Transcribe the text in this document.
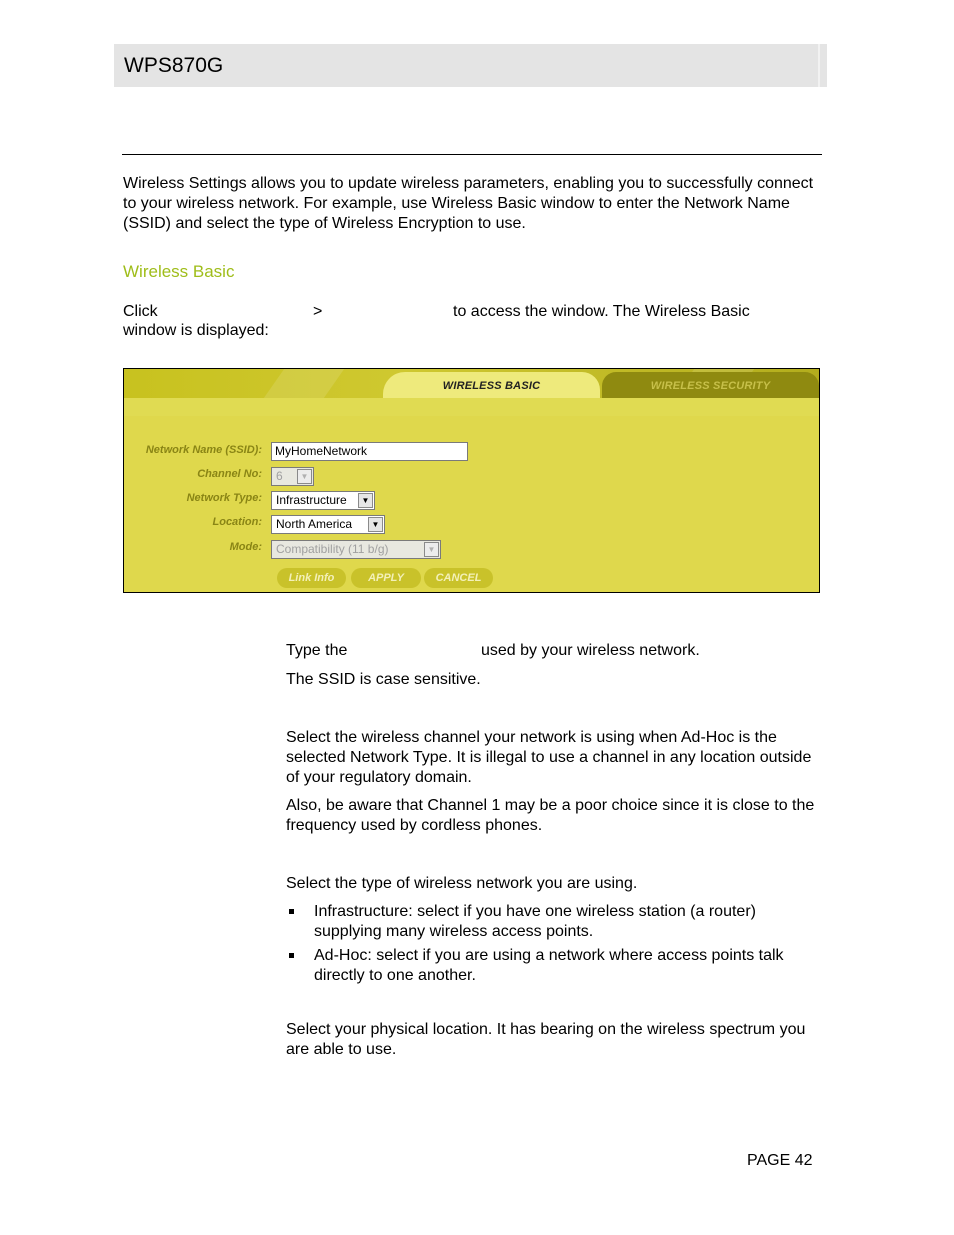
WPS870G
Wireless Settings allows you to update wireless parameters, enabling you to successfully connect to your wireless network. For example, use Wireless Basic window to enter the Network Name (SSID) and select the type of Wireless Encryption to use.
Wireless Basic
Click	>	to access the window. The Wireless Basic
window is displayed:
WIRELESS BASIC	WIRELESS SECURITY
Network Name (SSID):	MyHomeNetwork
Channel No:	6	▼
Network Type:	Infrastructure	▼
Location:	North America	▼
Mode:	Compatibility (11 b/g)	▼
Link Info	APPLY	CANCEL
Type the	used by your wireless network.
The SSID is case sensitive.
Select the wireless channel your network is using when Ad-Hoc is the selected Network Type. It is illegal to use a channel in any location outside of your regulatory domain.
Also, be aware that Channel 1 may be a poor choice since it is close to the frequency used by cordless phones.
Select the type of wireless network you are using.
Infrastructure: select if you have one wireless station (a router) supplying many wireless access points.
Ad-Hoc: select if you are using a network where access points talk directly to one another.
Select your physical location. It has bearing on the wireless spectrum you are able to use.
PAGE 42
